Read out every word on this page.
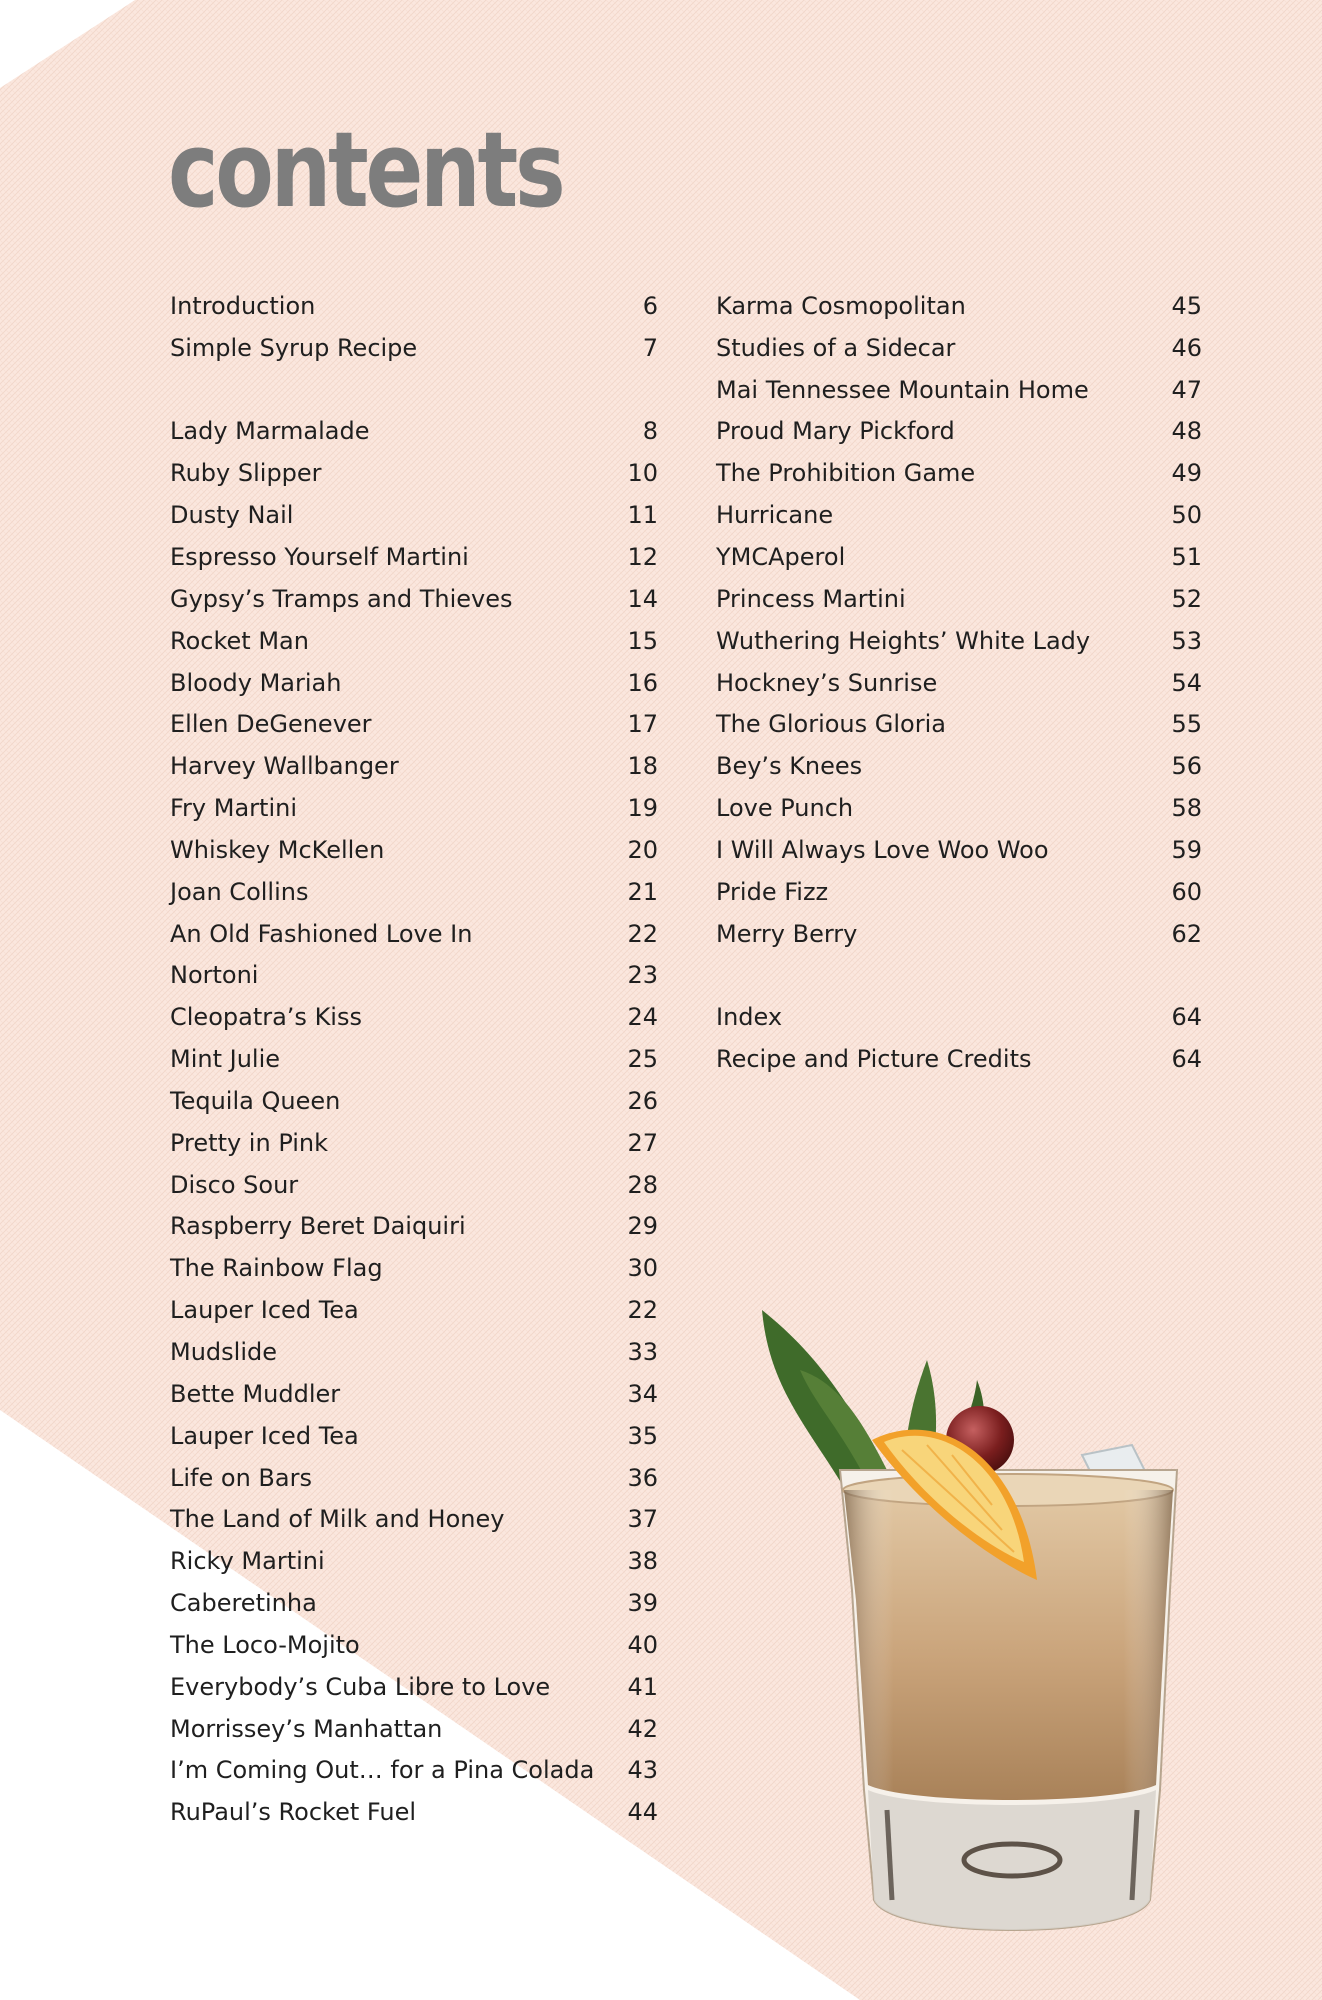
contents
Introduction	6
Simple Syrup Recipe	7
Lady Marmalade	8
Ruby Slipper	10
Dusty Nail	11
Espresso Yourself Martini	12
Gypsy’s Tramps and Thieves	14
Rocket Man	15
Bloody Mariah	16
Ellen DeGenever	17
Harvey Wallbanger	18
Fry Martini	19
Whiskey McKellen	20
Joan Collins	21
An Old Fashioned Love In	22
Nortoni	23
Cleopatra’s Kiss	24
Mint Julie	25
Tequila Queen	26
Pretty in Pink	27
Disco Sour	28
Raspberry Beret Daiquiri	29
The Rainbow Flag	30
Lauper Iced Tea	22
Mudslide	33
Bette Muddler	34
Lauper Iced Tea	35
Life on Bars	36
The Land of Milk and Honey	37
Ricky Martini	38
Caberetinha	39
The Loco-Mojito	40
Everybody’s Cuba Libre to Love	41
Morrissey’s Manhattan	42
I’m Coming Out… for a Pina Colada 43
RuPaul’s Rocket Fuel	44
Karma Cosmopolitan	45
Studies of a Sidecar	46
Mai Tennessee Mountain Home	47
Proud Mary Pickford	48
The Prohibition Game	49
Hurricane	50
YMCAperol	51
Princess Martini	52
Wuthering Heights’ White Lady	53
Hockney’s Sunrise	54
The Glorious Gloria	55
Bey’s Knees	56
Love Punch	58
I Will Always Love Woo Woo	59
Pride Fizz	60
Merry Berry	62
Index	64
Recipe and Picture Credits	64
